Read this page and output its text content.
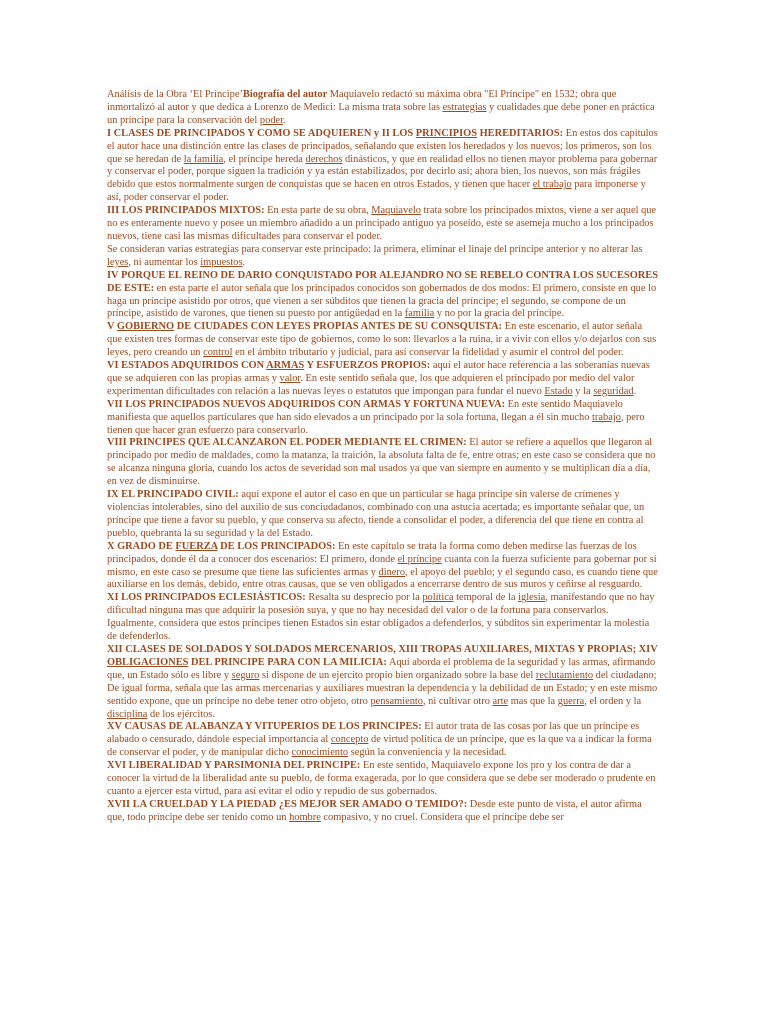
Análisis de la Obra ‘El Príncipe’Biografía del autor Maquiavelo redactó su máxima obra "El Príncipe" en 1532; obra que inmortalizó al autor y que dedica a Lorenzo de Medici: La misma trata sobre las estrategias y cualidades que debe poner en práctica un príncipe para la conservación del poder.

I CLASES DE PRINCIPADOS Y COMO SE ADQUIEREN y II LOS PRINCIPIOS HEREDITARIOS: En estos dos capítulos el autor hace una distinción entre las clases de principados, señalando que existen los heredados y los nuevos; los primeros, son los que se heredan de la familia, el príncipe hereda derechos dinásticos, y que en realidad ellos no tienen mayor problema para gobernar y conservar el poder, porque siguen la tradición y ya están estabilizados, por decirlo así; ahora bien, los nuevos, son más frágiles debido que estos normalmente surgen de conquistas que se hacen en otros Estados, y tienen que hacer el trabajo para imponerse y así, poder conservar el poder.

III LOS PRINCIPADOS MIXTOS: En esta parte de su obra, Maquiavelo trata sobre los principados mixtos, viene a ser aquel que no es enteramente nuevo y posee un miembro añadido a un principado antiguo ya poseído, este se asemeja mucho a los principados nuevos, tiene casi las mismas dificultades para conservar el poder.

Se consideran varias estrategias para conservar este principado: la primera, eliminar el linaje del príncipe anterior y no alterar las leyes, ni aumentar los impuestos.

IV PORQUE EL REINO DE DARIO CONQUISTADO POR ALEJANDRO NO SE REBELO CONTRA LOS SUCESORES DE ESTE: en esta parte el autor señala que los principados conocidos son gobernados de dos modos: El primero, consiste en que lo haga un príncipe asistido por otros, que vienen a ser súbditos que tienen la gracia del príncipe; el segundo, se compone de un príncipe, asistido de varones, que tienen su puesto por antigüedad en la familia y no por la gracia del príncipe.

V GOBIERNO DE CIUDADES CON LEYES PROPIAS ANTES DE SU CONSQUISTA: En este escenario, el autor señala que existen tres formas de conservar este tipo de gobiernos, como lo son: llevarlos a la ruina, ir a vivir con ellos y/o dejarlos con sus leyes, pero creando un control en el ámbito tributario y judicial, para así conservar la fidelidad y asumir el control del poder.

VI ESTADOS ADQUIRIDOS CON ARMAS Y ESFUERZOS PROPIOS: aquí el autor hace referencia a las soberanías nuevas que se adquieren con las propias armas y valor. En este sentido señala que, los que adquieren el principado por medio del valor experimentan dificultades con relación a las nuevas leyes o estatutos que impongan para fundar el nuevo Estado y la seguridad.

VII LOS PRINCIPADOS NUEVOS ADQUIRIDOS CON ARMAS Y FORTUNA NUEVA: En este sentido Maquiavelo manifiesta que aquellos particulares que han sido elevados a un principado por la sola fortuna, llegan a él sin mucho trabajo, pero tienen que hacer gran esfuerzo para conservarlo.

VIII PRINCIPES QUE ALCANZARON EL PODER MEDIANTE EL CRIMEN: El autor se refiere a aquellos que llegaron al principado por medio de maldades, como la matanza, la traición, la absoluta falta de fe, entre otras; en este caso se considera que no se alcanza ninguna gloria, cuando los actos de severidad son mal usados ya que van siempre en aumento y se multiplican día a día, en vez de disminuirse.

IX EL PRINCIPADO CIVIL: aquí expone el autor el caso en que un particular se haga príncipe sin valerse de crímenes y violencias intolerables, sino del auxilio de sus conciudadanos, combinado con una astucia acertada; es importante señalar que, un príncipe que tiene a favor su pueblo, y que conserva su afecto, tiende a consolidar el poder, a diferencia del que tiene en contra al pueblo, quebranta la su seguridad y la del Estado.

X GRADO DE FUERZA DE LOS PRINCIPADOS: En este capítulo se trata la forma como deben medirse las fuerzas de los principados, donde él da a conocer dos escenarios: El primero, donde el príncipe cuanta con la fuerza suficiente para gobernar por sí mismo, en este caso se presume que tiene las suficientes armas y dinero, el apoyo del pueblo; y el segundo caso, es cuando tiene que auxiliarse en los demás, debido, entre otras causas, que se ven obligados a encerrarse dentro de sus muros y ceñirse al resguardo.

XI LOS PRINCIPADOS ECLESIÁSTICOS: Resalta su desprecio por la política temporal de la iglesia, manifestando que no hay dificultad ninguna mas que adquirir la posesión suya, y que no hay necesidad del valor o de la fortuna para conservarlos. Igualmente, considera que estos príncipes tienen Estados sin estar obligados a defenderlos, y súbditos sin experimentar la molestia de defenderlos.

XII CLASES DE SOLDADOS Y SOLDADOS MERCENARIOS, XIII TROPAS AUXILIARES, MIXTAS Y PROPIAS; XIV OBLIGACIONES DEL PRINCIPE PARA CON LA MILICIA: Aquí aborda el problema de la seguridad y las armas, afirmando que, un Estado sólo es libre y seguro si dispone de un ejercito propio bien organizado sobre la base del reclutamiento del ciudadano; De igual forma, señala que las armas mercenarias y auxiliares muestran la dependencia y la debilidad de un Estado; y en este mismo sentido expone, que un príncipe no debe tener otro objeto, otro pensamiento, ni cultivar otro arte mas que la guerra, el orden y la disciplina de los ejércitos.

XV CAUSAS DE ALABANZA Y VITUPERIOS DE LOS PRINCIPES: El autor trata de las cosas por las que un príncipe es alabado o censurado, dándole especial importancia al concepto de virtud política de un príncipe, que es la que va a indicar la forma de conservar el poder, y de manipular dicho conocimiento según la conveniencia y la necesidad.

XVI LIBERALIDAD Y PARSIMONIA DEL PRINCIPE: En este sentido, Maquiavelo expone los pro y los contra de dar a conocer la virtud de la liberalidad ante su pueblo, de forma exagerada, por lo que considera que se debe ser moderado o prudente en cuanto a ejercer esta virtud, para así evitar el odio y repudio de sus gobernados.

XVII LA CRUELDAD Y LA PIEDAD ¿ES MEJOR SER AMADO O TEMIDO?: Desde este punto de vista, el autor afirma que, todo príncipe debe ser tenido como un hombre compasivo, y no cruel. Considera que el príncipe debe ser
